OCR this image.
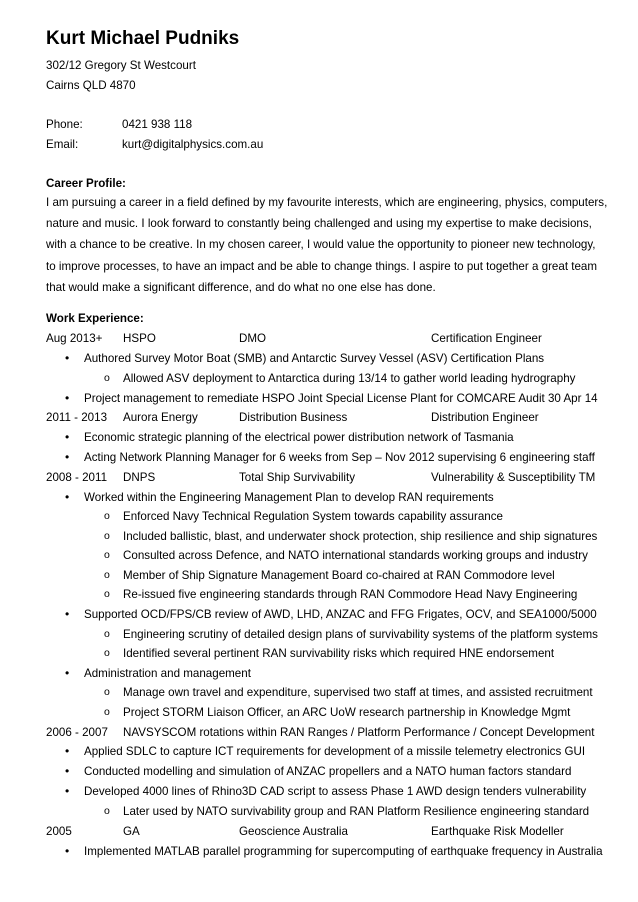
Kurt Michael Pudniks
302/12 Gregory St Westcourt
Cairns QLD 4870
Phone:	0421 938 118
Email:	kurt@digitalphysics.com.au
Career Profile:
I am pursuing a career in a field defined by my favourite interests, which are engineering, physics, computers,
nature and music. I look forward to constantly being challenged and using my expertise to make decisions,
with a chance to be creative. In my chosen career, I would value the opportunity to pioneer new technology,
to improve processes, to have an impact and be able to change things. I aspire to put together a great team
that would make a significant difference, and do what no one else has done.
Work Experience:
Aug 2013+ HSPO	DMO	Certification Engineer
• Authored Survey Motor Boat (SMB) and Antarctic Survey Vessel (ASV) Certification Plans
o Allowed ASV deployment to Antarctica during 13/14 to gather world leading hydrography
• Project management to remediate HSPO Joint Special License Plant for COMCARE Audit 30 Apr 14
2011 - 2013 Aurora Energy	Distribution Business	Distribution Engineer
• Economic strategic planning of the electrical power distribution network of Tasmania
• Acting Network Planning Manager for 6 weeks from Sep – Nov 2012 supervising 6 engineering staff
2008 - 2011 DNPS	Total Ship Survivability	Vulnerability & Susceptibility TM
• Worked within the Engineering Management Plan to develop RAN requirements
o Enforced Navy Technical Regulation System towards capability assurance
o Included ballistic, blast, and underwater shock protection, ship resilience and ship signatures
o Consulted across Defence, and NATO international standards working groups and industry
o Member of Ship Signature Management Board co-chaired at RAN Commodore level
o Re-issued five engineering standards through RAN Commodore Head Navy Engineering
• Supported OCD/FPS/CB review of AWD, LHD, ANZAC and FFG Frigates, OCV, and SEA1000/5000
o Engineering scrutiny of detailed design plans of survivability systems of the platform systems
o Identified several pertinent RAN survivability risks which required HNE endorsement
• Administration and management
o Manage own travel and expenditure, supervised two staff at times, and assisted recruitment
o Project STORM Liaison Officer, an ARC UoW research partnership in Knowledge Mgmt
2006 - 2007 NAVSYSCOM rotations within RAN Ranges / Platform Performance / Concept Development
• Applied SDLC to capture ICT requirements for development of a missile telemetry electronics GUI
• Conducted modelling and simulation of ANZAC propellers and a NATO human factors standard
• Developed 4000 lines of Rhino3D CAD script to assess Phase 1 AWD design tenders vulnerability
o Later used by NATO survivability group and RAN Platform Resilience engineering standard
2005	GA	Geoscience Australia	Earthquake Risk Modeller
• Implemented MATLAB parallel programming for supercomputing of earthquake frequency in Australia
